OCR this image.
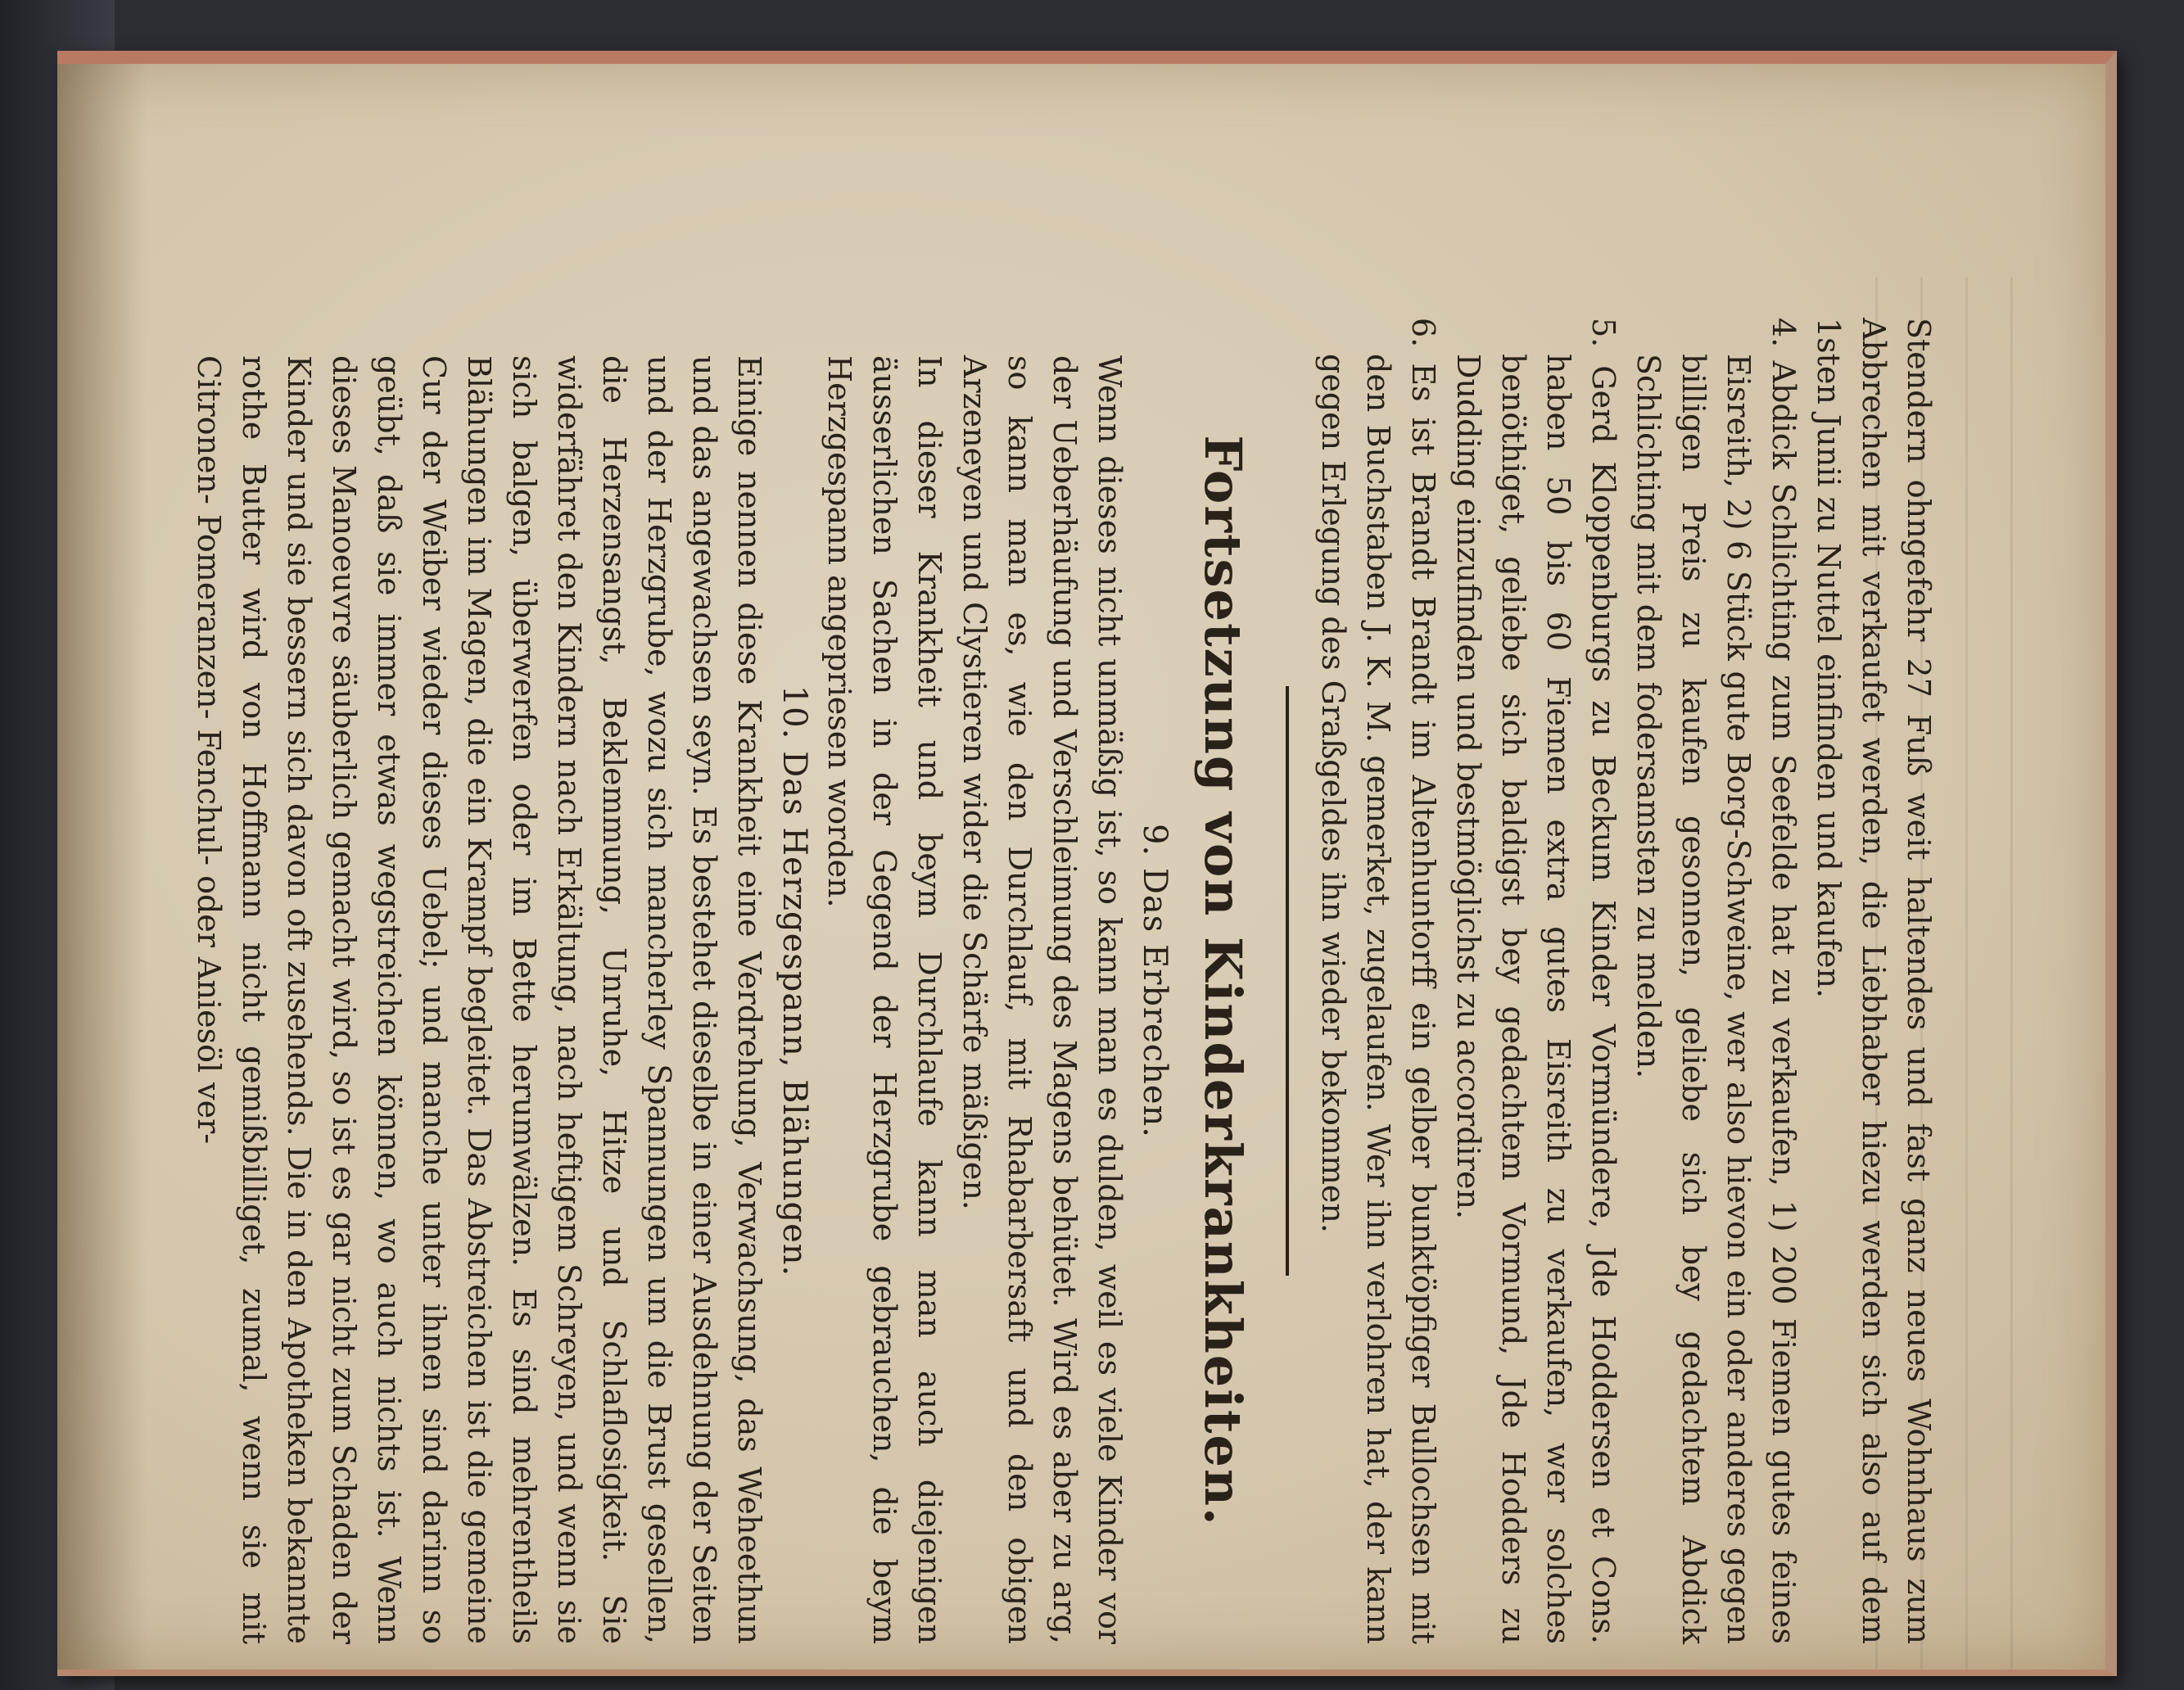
Stendern ohngefehr 27 Fuß weit haltendes und fast ganz neues Wohnhaus zum Abbrechen mit verkaufet werden, die Liebhaber hiezu werden sich also auf dem 1sten Junii zu Nuttel einfinden und kaufen.

4. Abdick Schlichting zum Seefelde hat zu verkaufen, 1) 200 Fiemen gutes feines Eisreith, 2) 6 Stück gute Borg-Schweine, wer also hievon ein oder anderes gegen billigen Preis zu kaufen gesonnen, geliebe sich bey gedachtem Abdick Schlichting mit dem fodersamsten zu melden.

5. Gerd Kloppenburgs zu Beckum Kinder Vormündere, Jde Hoddersen et Cons. haben 50 bis 60 Fiemen extra gutes Eisreith zu verkaufen, wer solches benöthiget, geliebe sich baldigst bey gedachtem Vormund, Jde Hodders zu Dudding einzufinden und bestmöglichst zu accordiren.

6. Es ist Brandt Brandt im Altenhuntorff ein gelber bunktöpfiger Bullochsen mit den Buchstaben J. K. M. gemerket, zugelaufen. Wer ihn verlohren hat, der kann gegen Erlegung des Graßgeldes ihn wieder bekommen.

Fortsetzung von Kinderkrankheiten.

9. Das Erbrechen.

Wenn dieses nicht unmäßig ist, so kann man es dulden, weil es viele Kinder vor der Ueberhäufung und Verschleimung des Magens behütet. Wird es aber zu arg, so kann man es, wie den Durchlauf, mit Rhabarbersaft und den obigen Arzeneyen und Clystieren wider die Schärfe mäßigen.

In dieser Krankheit und beym Durchlaufe kann man auch diejenigen äusserlichen Sachen in der Gegend der Herzgrube gebrauchen, die beym Herzgespann angepriesen worden.

10. Das Herzgespann, Blähungen.

Einige nennen diese Krankheit eine Verdrehung, Verwachsung, das Weheethun und das angewachsen seyn. Es bestehet dieselbe in einer Ausdehnung der Seiten und der Herzgrube, wozu sich mancherley Spannungen um die Brust gesellen, die Herzensangst, Beklemmung, Unruhe, Hitze und Schlaflosigkeit. Sie widerfähret den Kindern nach Erkältung, nach heftigem Schreyen, und wenn sie sich balgen, überwerfen oder im Bette herumwälzen. Es sind mehrentheils Blähungen im Magen, die ein Krampf begleitet. Das Abstreichen ist die gemeine Cur der Weiber wieder dieses Uebel; und manche unter ihnen sind darinn so geübt, daß sie immer etwas wegstreichen können, wo auch nichts ist. Wenn dieses Manoeuvre säuberlich gemacht wird, so ist es gar nicht zum Schaden der Kinder und sie bessern sich davon oft zusehends. Die in den Apotheken bekannte rothe Butter wird von Hoffmann nicht gemißbilliget, zumal, wenn sie mit Citronen- Pomeranzen- Fenchul- oder Aniesöl ver-
